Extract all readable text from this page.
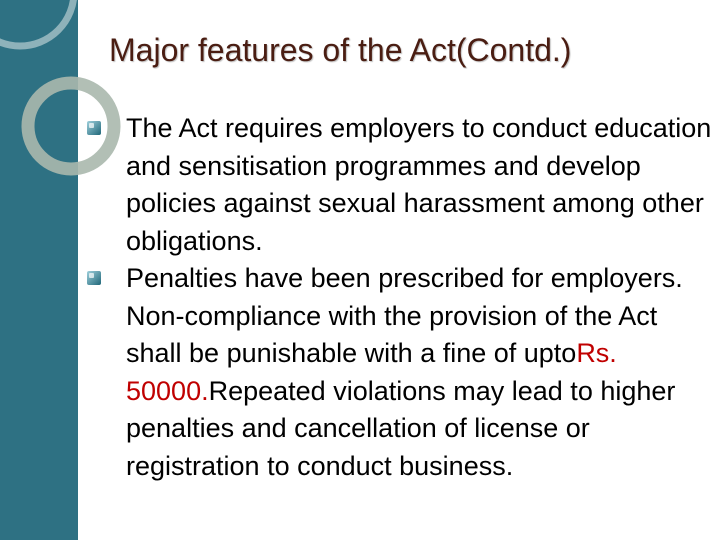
Major features of the Act(Contd.)
The Act requires employers to conduct education and sensitisation programmes and develop policies against sexual harassment among other obligations.
Penalties have been prescribed for employers. Non-compliance with the provision of the Act shall be punishable with a fine of uptoRs. 50000.Repeated violations may lead to higher penalties and cancellation of license or registration to conduct business.
